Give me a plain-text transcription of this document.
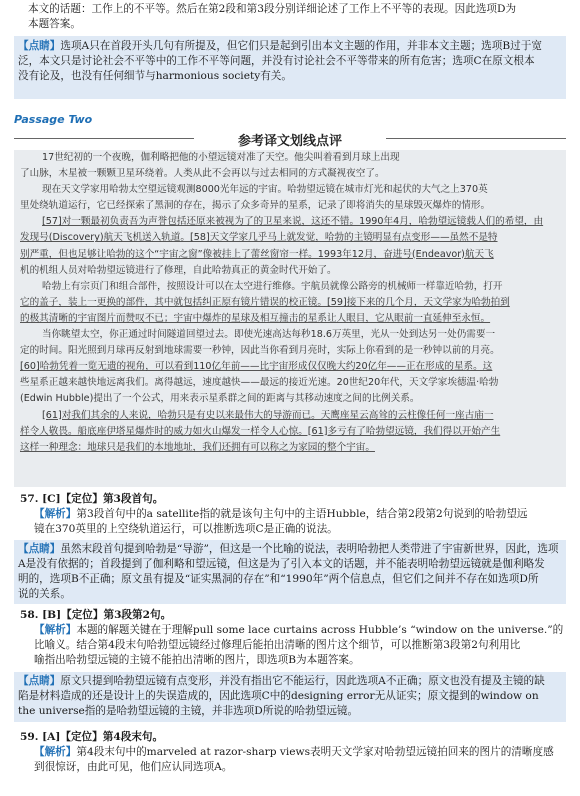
本文的话题：工作上的不平等。然后在第2段和第3段分别详细论述了工作上不平等的表现。因此选项D为
本题答案。
【点睛】选项A只在首段开头几句有所提及，但它们只是起到引出本文主题的作用，并非本文主题；选项B过于宽
泛，本文只是讨论社会不平等中的工作不平等问题，并没有讨论社会不平等带来的所有危害；选项C在原文根本
没有论及，也没有任何细节与harmonious society有关。
Passage Two
参考译文划线点评
17世纪初的一个夜晚，伽利略把他的小望远镜对准了天空。他尖叫着看到月球上出现
了山脉，木星被一颗颗卫星环绕着。人类从此不会再以与过去相同的方式凝视夜空了。
现在天文学家用哈勃太空望远镜观测8000光年远的宇宙。哈勃望远镜在城市灯光和起伏的大气之上370英
里处绕轨道运行，它已经探索了黑洞的存在，揭示了众多奇异的星系，记录了即将消失的星球毁灭爆炸的情形。
[57]对一颗最初负责吾为声誉包括还原来被视为了的卫星来说，这还不错。1990年4月，哈勃望远镜载人们的希望，由
发现号(Discovery)航天飞机送入轨道。[58]天文学家几乎马上就发觉，哈勃的主镜明显有点变形——虽然不是特
别严重，但也足够让哈勃的这个“宇宙之窗”像被挂上了蕾丝窗帘一样。1993年12月，奋进号(Endeavor)航天飞
机的机组人员对哈勃望远镜进行了修理，自此哈勃真正的黄金时代开始了。
哈勃上有宗页门和组合部件，按照设计可以在太空进行维修。宇航员就像公路旁的机械师一样靠近哈勃，打开
它的盖子，装上一更换的部件，其中就包括纠正原有镜片错误的校正镜。[59]接下来的几个月，天文学家为哈勃拍到
的极其清晰的宇宙图片而赞叹不已；宇宙中爆炸的星球及相互撞击的星系让人眼目，它从眼前一直延伸至永恒。
当你眺望太空，你正通过时间隧道回望过去。即使光速高达每秒18.6万英里，光从一处到达另一处仍需要一
定的时间。阳光照到月球再反射到地球需要一秒钟，因此当你看到月亮时，实际上你看到的是一秒钟以前的月亮。
[60]哈勃凭着一览无遗的视角，可以看到110亿年前——比宇宙形成仅仅晚大约20亿年——正在形成的星系。这
些星系正越来越快地远离我们。离得越远，速度越快——最远的接近光速。20世纪20年代，天文学家埃德温·哈勃
(Edwin Hubble)提出了一个公式，用来表示星系群之间的距离与其移动速度之间的比例关系。
[61]对我们其余的人来说，哈勃只是有史以来最伟大的导游而已。天鹰座星云高耸的云柱像任何一座古庙一
样令人敬畏。船底座伊塔星爆炸时的威力如火山爆发一样令人心惊。[61]多亏有了哈勃望远镜，我们得以开始产生
这样一种理念：地球只是我们的本地地址，我们还拥有可以称之为家园的整个宇宙。
57. [C]【定位】第3段首句。
【解析】第3段首句中的a satellite指的就是该句主句中的主语Hubble，结合第2段第2句说到的哈勃望远
镜在370英里的上空绕轨道运行，可以推断选项C是正确的说法。
【点睛】虽然末段首句提到哈勃是“导游”，但这是一个比喻的说法，表明哈勃把人类带进了宇宙新世界，因此，选项
A是没有依据的；首段提到了伽利略和望远镜，但这是为了引入本文的话题，并不能表明哈勃望远镜就是伽利略发
明的，选项B不正确；原文虽有提及“证实黑洞的存在”和“1990年”两个信息点，但它们之间并不存在如选项D所
说的关系。
58. [B]【定位】第3段第2句。
【解析】本题的解题关键在于理解pull some lace curtains across Hubble’s “window on the universe.”的
比喻义。结合第4段末句哈勃望远镜经过修理后能拍出清晰的图片这个细节，可以推断第3段第2句利用比
喻指出哈勃望远镜的主镜不能拍出清晰的图片，即选项B为本题答案。
【点睛】原文只提到哈勃望远镜有点变形，并没有指出它不能运行，因此选项A不正确；原文也没有提及主镜的缺
陷是材料造成的还是设计上的失误造成的，因此选项C中的designing error无从证实；原文提到的window on
the universe指的是哈勃望远镜的主镜，并非选项D所说的哈勃望远镜。
59. [A]【定位】第4段末句。
【解析】第4段末句中的marveled at razor-sharp views表明天文学家对哈勃望远镜拍回来的图片的清晰度感
到很惊讶，由此可见，他们应认同选项A。
